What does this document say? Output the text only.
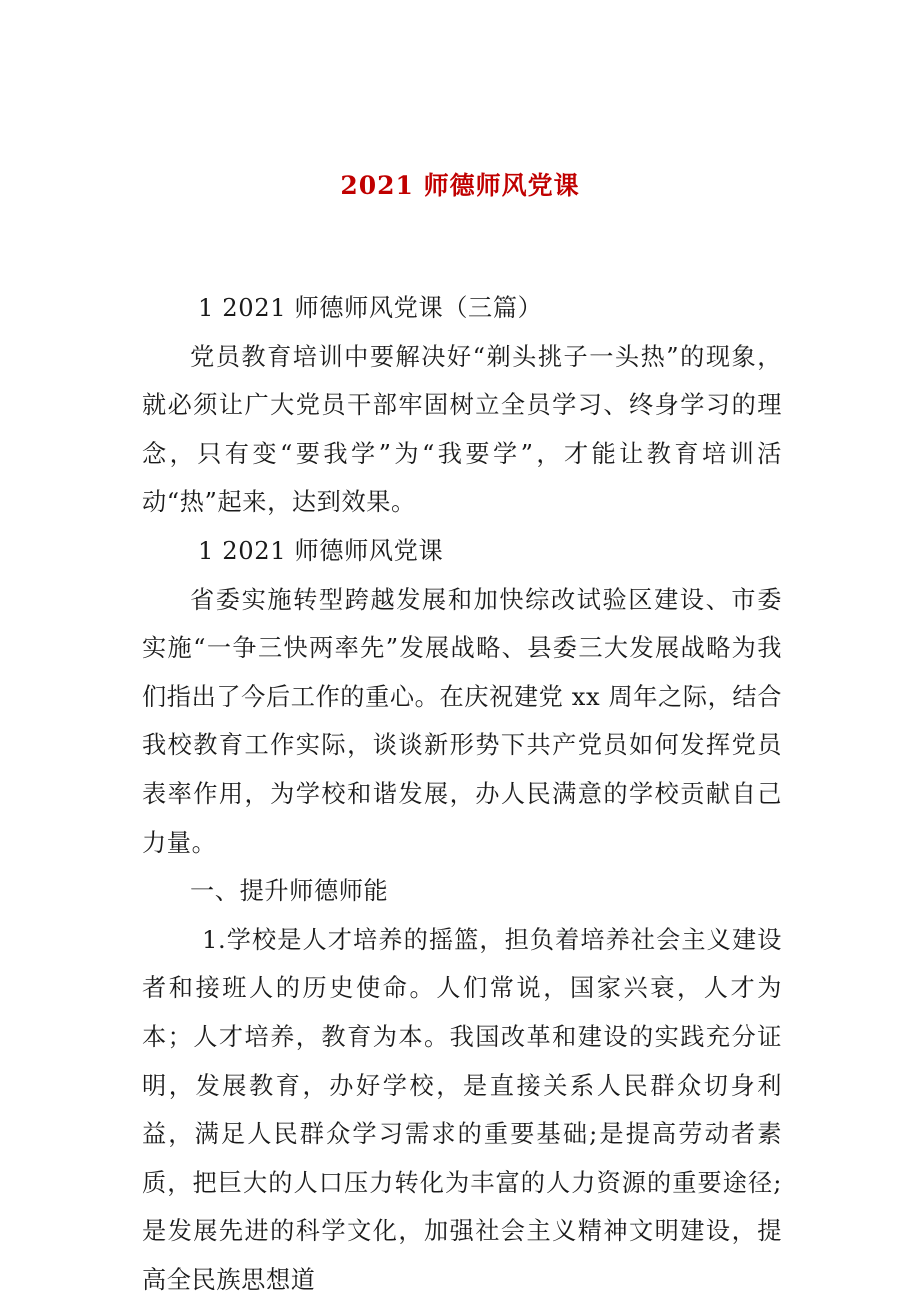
2021 师德师风党课

1 2021 师德师风党课（三篇）

党员教育培训中要解决好“剃头挑子一头热”的现象，就必须让广大党员干部牢固树立全员学习、终身学习的理念，只有变“要我学”为“我要学”，才能让教育培训活动“热”起来，达到效果。

1 2021 师德师风党课

省委实施转型跨越发展和加快综改试验区建设、市委实施“一争三快两率先”发展战略、县委三大发展战略为我们指出了今后工作的重心。在庆祝建党 xx 周年之际，结合我校教育工作实际，谈谈新形势下共产党员如何发挥党员表率作用，为学校和谐发展，办人民满意的学校贡献自己力量。

一、提升师德师能

1.学校是人才培养的摇篮，担负着培养社会主义建设者和接班人的历史使命。人们常说，国家兴衰，人才为本；人才培养，教育为本。我国改革和建设的实践充分证明，发展教育，办好学校，是直接关系人民群众切身利益，满足人民群众学习需求的重要基础;是提高劳动者素质，把巨大的人口压力转化为丰富的人力资源的重要途径;是发展先进的科学文化，加强社会主义精神文明建设，提高全民族思想道
